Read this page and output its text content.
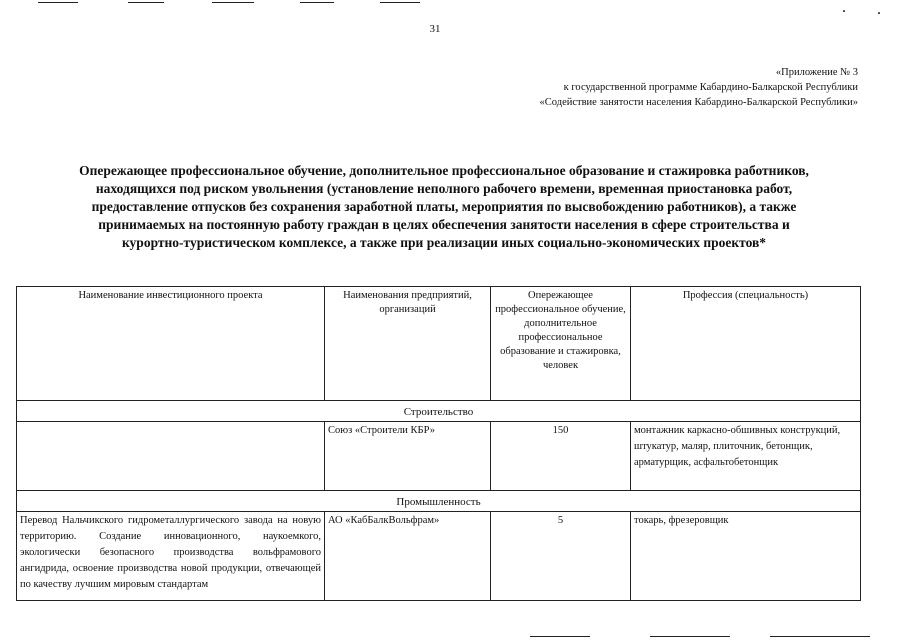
·	·
31
«Приложение № 3
к государственной программе Кабардино-Балкарской Республики
«Содействие занятости населения Кабардино-Балкарской Республики»
Опережающее профессиональное обучение, дополнительное профессиональное образование и стажировка работников,
находящихся под риском увольнения (установление неполного рабочего времени, временная приостановка работ,
предоставление отпусков без сохранения заработной платы, мероприятия по высвобождению работников), а также
принимаемых на постоянную работу граждан в целях обеспечения занятости населения в сфере строительства и
курортно-туристическом комплексе, а также при реализации иных социально-экономических проектов*
Наименование инвестиционного проекта	Наименования предприятий, организаций	Опережающее профессиональное обучение, дополнительное профессиональное образование и стажировка, человек	Профессия (специальность)

Строительство			

	Союз «Строители КБР»	150	монтажник каркасно-обшивных конструкций, штукатур, маляр, плиточник, бетонщик, арматурщик, асфальтобетонщик

Промышленность			

Перевод Нальчикского гидрометаллургического завода на новую территорию. Создание инновационного, наукоемкого, экологически безопасного производства вольфрамового ангидрида, освоение производства новой продукции, отвечающей по качеству лучшим мировым стандартам	АО «КабБалкВольфрам»	5	токарь, фрезеровщик
